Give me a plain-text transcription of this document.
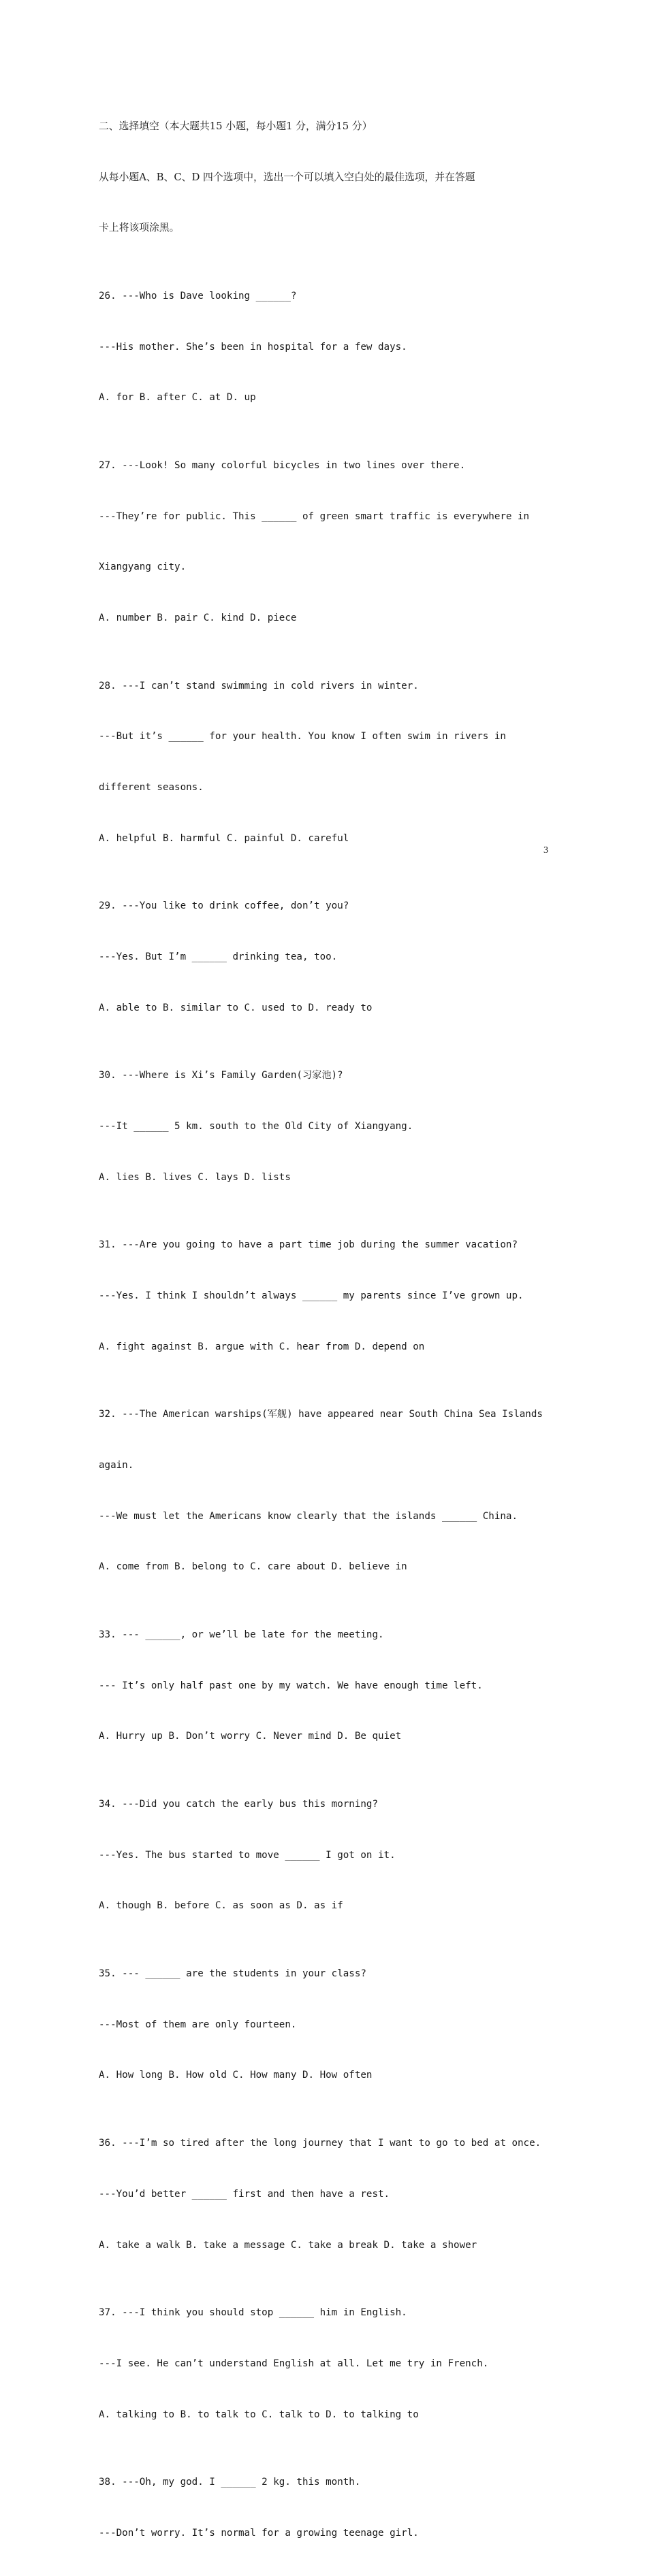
二、选择填空（本大题共15 小题，每小题1 分，满分15 分）

从每小题A、B、C、D 四个选项中，选出一个可以填入空白处的最佳选项，并在答题

卡上将该项涂黑。

26. ---Who is Dave looking ______?

---His mother. She’s been in hospital for a few days.

A. for B. after C. at D. up

27. ---Look! So many colorful bicycles in two lines over there.

---They’re for public. This ______ of green smart traffic is everywhere in

Xiangyang city.

A. number B. pair C. kind D. piece

28. ---I can’t stand swimming in cold rivers in winter.

---But it’s ______ for your health. You know I often swim in rivers in

different seasons.

A. helpful B. harmful C. painful D. careful

29. ---You like to drink coffee, don’t you?

---Yes. But I’m ______ drinking tea, too.

A. able to B. similar to C. used to D. ready to

30. ---Where is Xi’s Family Garden(习家池)?

---It ______ 5 km. south to the Old City of Xiangyang.

A. lies B. lives C. lays D. lists

31. ---Are you going to have a part time job during the summer vacation?

---Yes. I think I shouldn’t always ______ my parents since I’ve grown up.

A. fight against B. argue with C. hear from D. depend on

32. ---The American warships(军舰) have appeared near South China Sea Islands

again.

---We must let the Americans know clearly that the islands ______ China.

A. come from B. belong to C. care about D. believe in

33. --- ______, or we’ll be late for the meeting.

--- It’s only half past one by my watch. We have enough time left.

A. Hurry up B. Don’t worry C. Never mind D. Be quiet

34. ---Did you catch the early bus this morning?

---Yes. The bus started to move ______ I got on it.

A. though B. before C. as soon as D. as if

35. --- ______ are the students in your class?

---Most of them are only fourteen.

A. How long B. How old C. How many D. How often

36. ---I’m so tired after the long journey that I want to go to bed at once.

---You’d better ______ first and then have a rest.

A. take a walk B. take a message C. take a break D. take a shower

37. ---I think you should stop ______ him in English.

---I see. He can’t understand English at all. Let me try in French.

A. talking to B. to talk to C. talk to D. to talking to

38. ---Oh, my god. I ______ 2 kg. this month.

---Don’t worry. It’s normal for a growing teenage girl.

3
